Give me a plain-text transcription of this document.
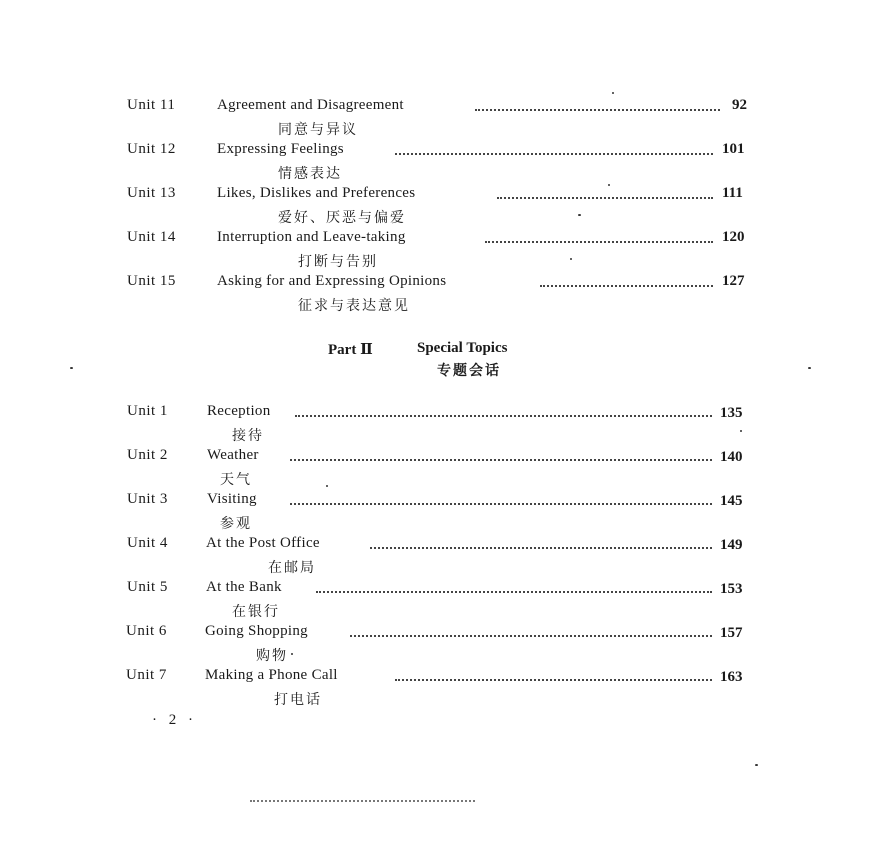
Unit 11	Agreement and Disagreement	92
同意与异议
Unit 12	Expressing Feelings	101
情感表达
Unit 13	Likes, Dislikes and Preferences	111
爱好、厌恶与偏爱
Unit 14	Interruption and Leave-taking	120
打断与告别
Unit 15	Asking for and Expressing Opinions	127
征求与表达意见
Part Ⅱ	Special Topics
专题会话
Unit 1	Reception	135
接待
Unit 2	Weather	140
天气
Unit 3	Visiting	145
参观
Unit 4	At the Post Office	149
在邮局
Unit 5	At the Bank	153
在银行
Unit 6	Going Shopping	157
购物
Unit 7	Making a Phone Call	163
打电话
· 2 ·
